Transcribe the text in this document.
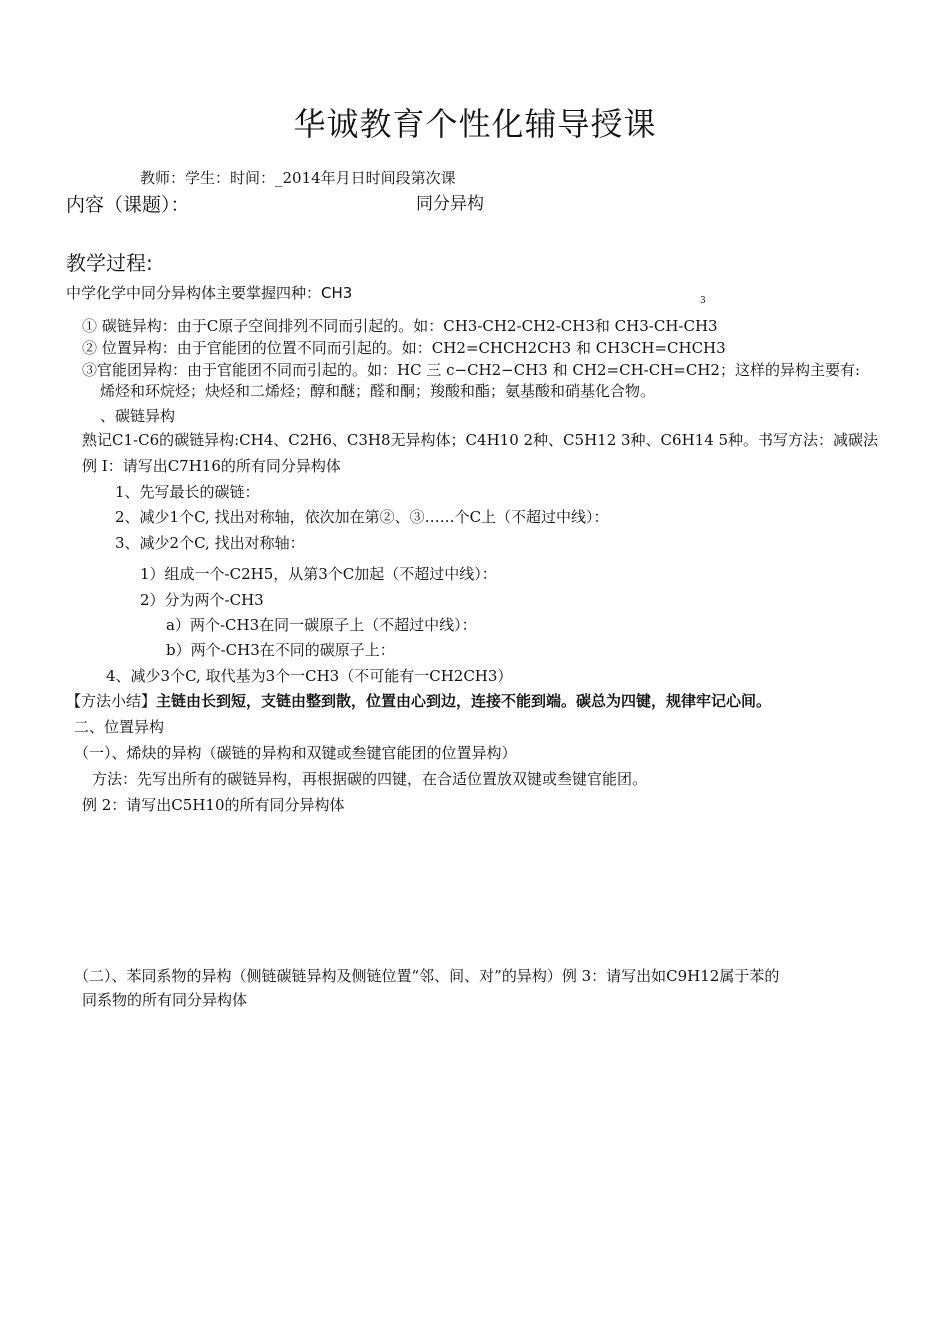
华诚教育个性化辅导授课
教师：学生：时间：_2014年月日时间段第次课
内容（课题）：	同分异构
教学过程:
中学化学中同分异构体主要掌握四种：CH3	3
① 碳链异构：由于C原子空间排列不同而引起的。如：CH3-CH2-CH2-CH3和 CH3-CH-CH3
② 位置异构：由于官能团的位置不同而引起的。如：CH2=CHCH2CH3 和 CH3CH=CHCH3
③官能团异构：由于官能团不同而引起的。如：HC 三 c−CH2−CH3 和 CH2=CH-CH=CH2；这样的异构主要有:
烯烃和环烷烃；炔烃和二烯烃；醇和醚；醛和酮；羧酸和酯；氨基酸和硝基化合物。
、碳链异构
熟记C1-C6的碳链异构:CH4、C2H6、C3H8无异构体；C4H10 2种、C5H12 3种、C6H14 5种。书写方法：减碳法
例 I：请写出C7H16的所有同分异构体
1、先写最长的碳链：
2、减少1个C, 找出对称轴，依次加在第②、③……个C上（不超过中线）：
3、减少2个C, 找出对称轴：
1）组成一个-C2H5，从第3个C加起（不超过中线）：
2）分为两个-CH3
a）两个-CH3在同一碳原子上（不超过中线）：
b）两个-CH3在不同的碳原子上：
4、减少3个C, 取代基为3个一CH3（不可能有一CH2CH3）
【方法小结】主链由长到短，支链由整到散，位置由心到边，连接不能到端。碳总为四键，规律牢记心间。
二、位置异构
（一）、烯炔的异构（碳链的异构和双键或叁键官能团的位置异构）
方法：先写出所有的碳链异构，再根据碳的四键，在合适位置放双键或叁键官能团。
例 2：请写出C5H10的所有同分异构体
（二）、苯同系物的异构（侧链碳链异构及侧链位置“邻、间、对”的异构）例 3：请写出如C9H12属于苯的
同系物的所有同分异构体
